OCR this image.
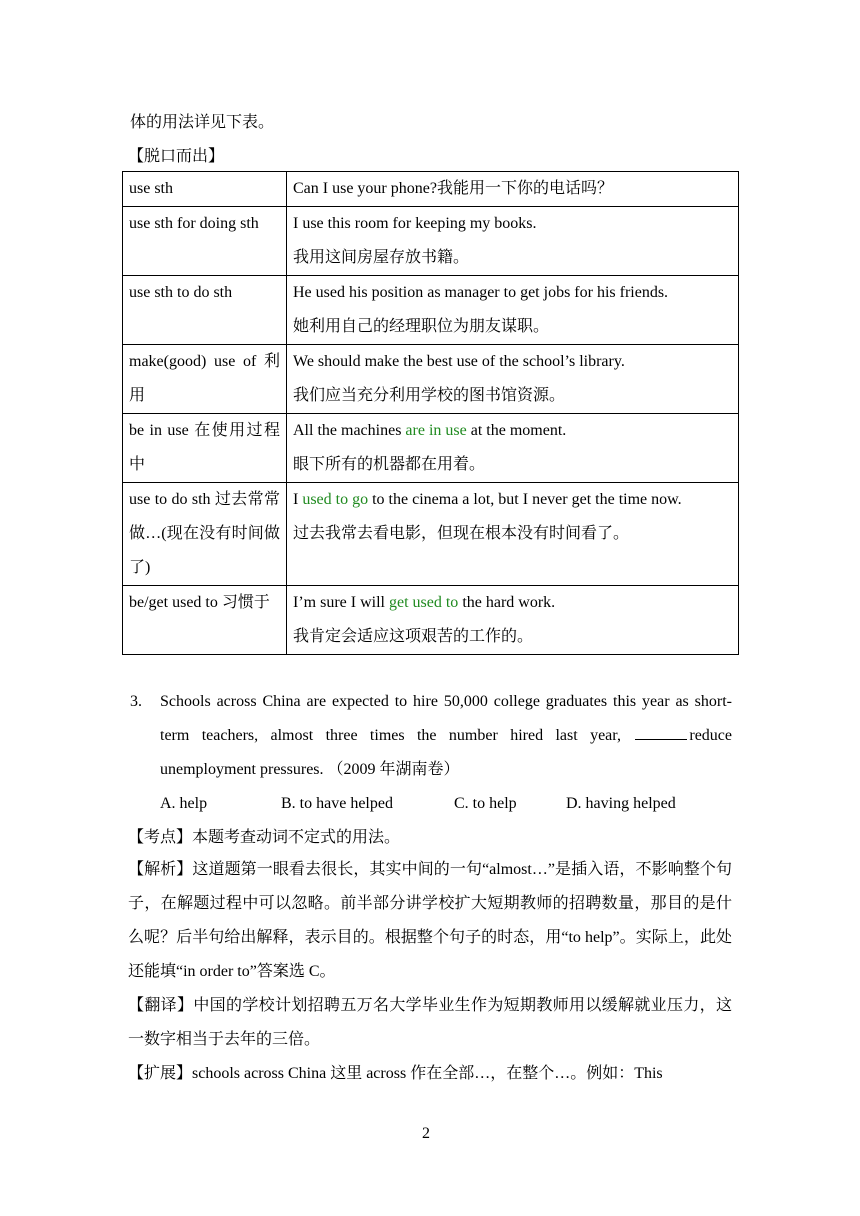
体的用法详见下表。
【脱口而出】
use sth	Can I use your phone?我能用一下你的电话吗？

use sth for doing sth	I use this room for keeping my books.
我用这间房屋存放书籍。

use sth to do sth	He used his position as manager to get jobs for his friends.
她利用自己的经理职位为朋友谋职。

make(good) use of 利用	We should make the best use of the school’s library.
我们应当充分利用学校的图书馆资源。

be in use 在使用过程中	All the machines are in use at the moment.
眼下所有的机器都在用着。

use to do sth 过去常常做…(现在没有时间做了)	I used to go to the cinema a lot, but I never get the time now.
过去我常去看电影，但现在根本没有时间看了。

be/get used to 习惯于	I’m sure I will get used to the hard work.
我肯定会适应这项艰苦的工作的。
3. Schools across China are expected to hire 50,000 college graduates this year as short-term teachers, almost three times the number hired last year,	reduce unemployment pressures. （2009 年湖南卷）
A. help	B. to have helped	C. to help	D. having helped
【考点】本题考查动词不定式的用法。
【解析】这道题第一眼看去很长，其实中间的一句“almost…”是插入语，不影响整个句子，在解题过程中可以忽略。前半部分讲学校扩大短期教师的招聘数量，那目的是什么呢？后半句给出解释，表示目的。根据整个句子的时态，用“to help”。实际上，此处还能填“in order to”答案选 C。
【翻译】中国的学校计划招聘五万名大学毕业生作为短期教师用以缓解就业压力，这一数字相当于去年的三倍。
【扩展】schools across China 这里 across 作在全部…，在整个…。例如：This
2
